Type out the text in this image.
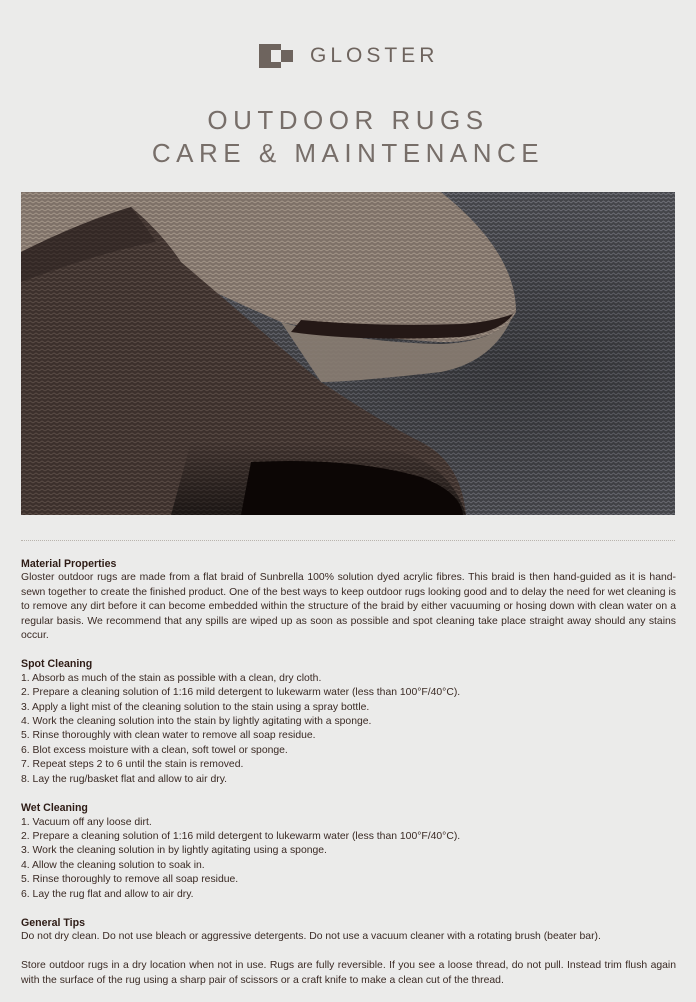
GLOSTER
OUTDOOR RUGS
CARE & MAINTENANCE
Material Properties

Gloster outdoor rugs are made from a flat braid of Sunbrella 100% solution dyed acrylic fibres. This braid is then hand-guided as it is hand-sewn together to create the finished product. One of the best ways to keep outdoor rugs looking good and to delay the need for wet cleaning is to remove any dirt before it can become embedded within the structure of the braid by either vacuuming or hosing down with clean water on a regular basis. We recommend that any spills are wiped up as soon as possible and spot cleaning take place straight away should any stains occur.

Spot Cleaning
1. Absorb as much of the stain as possible with a clean, dry cloth.
2. Prepare a cleaning solution of 1:16 mild detergent to lukewarm water (less than 100°F/40°C).
3. Apply a light mist of the cleaning solution to the stain using a spray bottle.
4. Work the cleaning solution into the stain by lightly agitating with a sponge.
5. Rinse thoroughly with clean water to remove all soap residue.
6. Blot excess moisture with a clean, soft towel or sponge.
7. Repeat steps 2 to 6 until the stain is removed.
8. Lay the rug/basket flat and allow to air dry.
Wet Cleaning
1. Vacuum off any loose dirt.
2. Prepare a cleaning solution of 1:16 mild detergent to lukewarm water (less than 100°F/40°C).
3. Work the cleaning solution in by lightly agitating using a sponge.
4. Allow the cleaning solution to soak in.
5. Rinse thoroughly to remove all soap residue.
6. Lay the rug flat and allow to air dry.
General Tips

Do not dry clean. Do not use bleach or aggressive detergents. Do not use a vacuum cleaner with a rotating brush (beater bar).

Store outdoor rugs in a dry location when not in use. Rugs are fully reversible. If you see a loose thread, do not pull. Instead trim flush again with the surface of the rug using a sharp pair of scissors or a craft knife to make a clean cut of the thread.
